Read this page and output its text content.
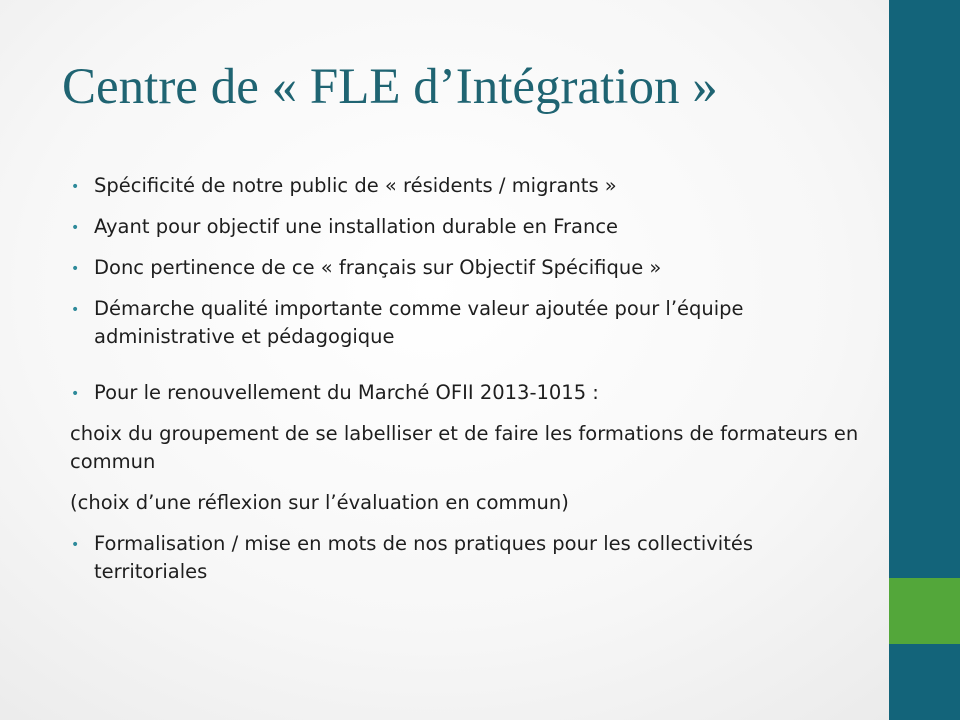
Centre de « FLE d’Intégration »
• Spécificité de notre public de « résidents / migrants »
• Ayant pour objectif une installation durable en France
• Donc pertinence de ce « français sur Objectif Spécifique »
• Démarche qualité importante comme valeur ajoutée pour l’équipe administrative et pédagogique
• Pour le renouvellement du Marché OFII 2013-1015 :
choix du groupement de se labelliser et de faire les formations de formateurs en commun
(choix d’une réflexion sur l’évaluation en commun)
• Formalisation / mise en mots de nos pratiques pour les collectivités territoriales
